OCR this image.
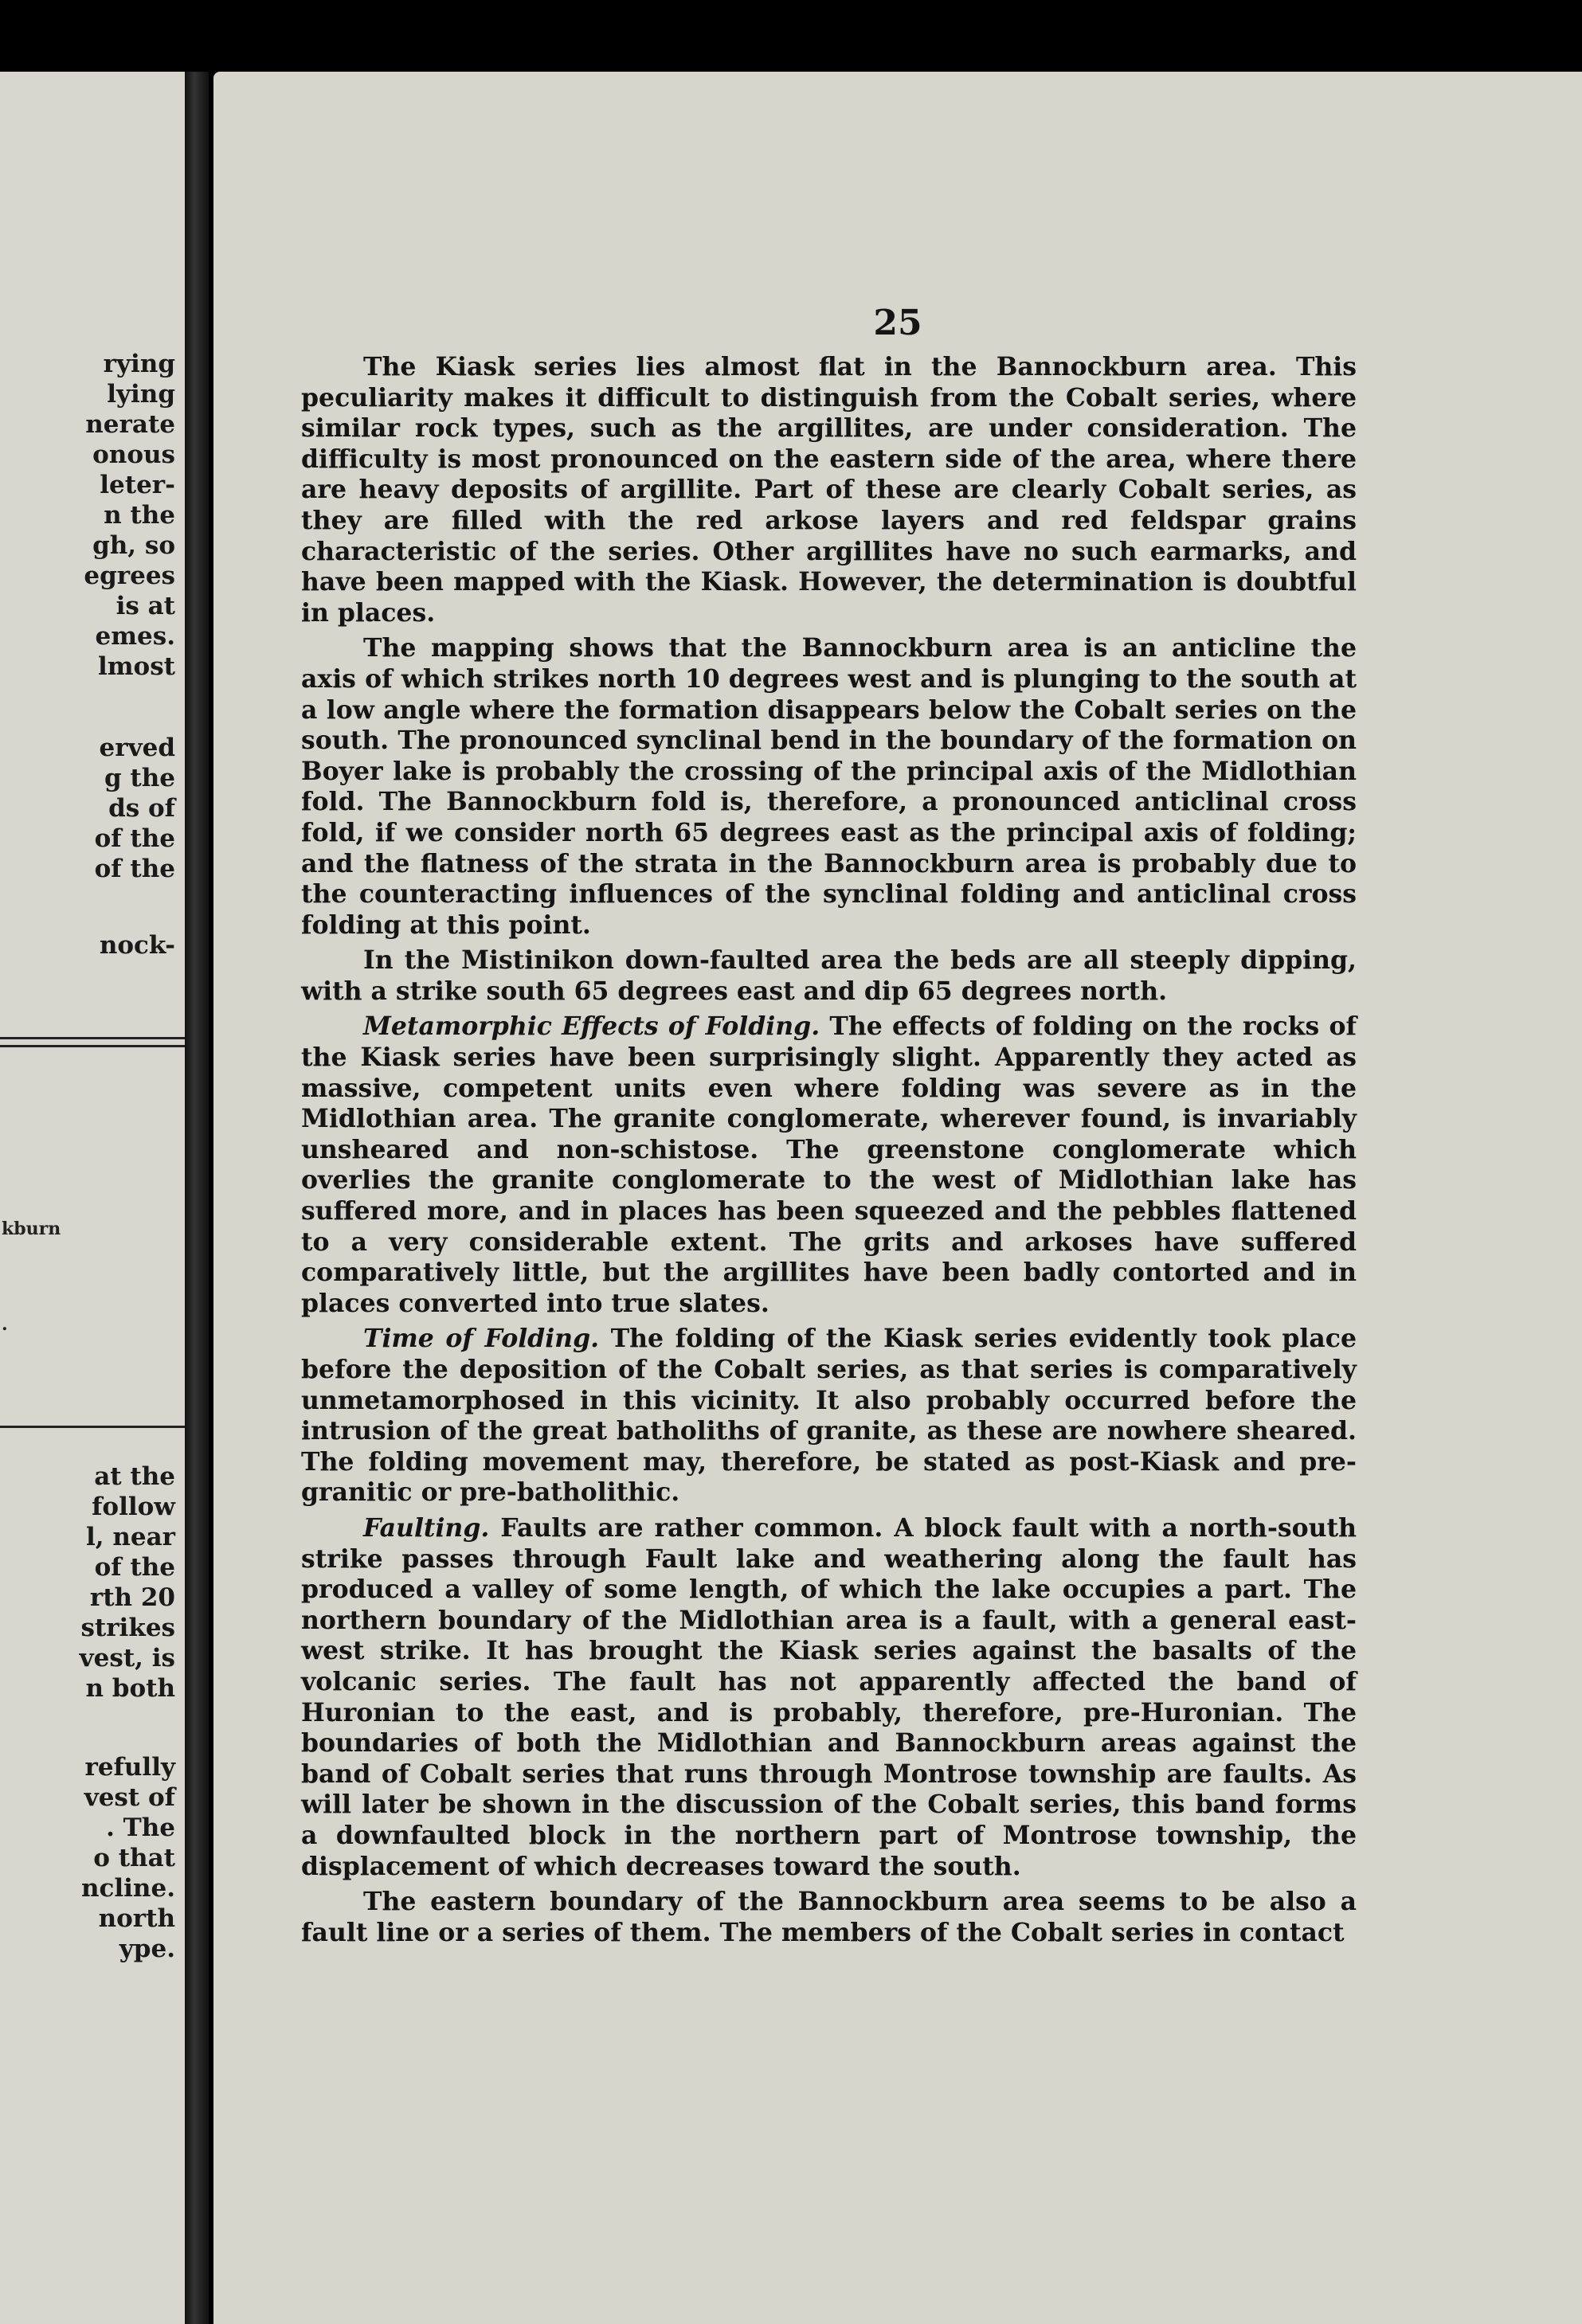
rying

lying

nerate

onous

leter-

n the

gh, so

egrees

is at

emes.

lmost

erved

g the

ds of

of the

of the

nock-

kburn

.

at the

follow

l, near

of the

rth 20

strikes

vest, is

n both

refully

vest of

. The

o that

ncline.

north

ype.

25

The Kiask series lies almost flat in the Bannockburn area. This peculiarity makes it difficult to distinguish from the Cobalt series, where similar rock types, such as the argillites, are under consideration. The difficulty is most pronounced on the eastern side of the area, where there are heavy deposits of argillite. Part of these are clearly Cobalt series, as they are filled with the red arkose layers and red feldspar grains characteristic of the series. Other argillites have no such earmarks, and have been mapped with the Kiask. However, the determination is doubtful in places.

The mapping shows that the Bannockburn area is an anticline the axis of which strikes north 10 degrees west and is plunging to the south at a low angle where the formation disappears below the Cobalt series on the south. The pronounced synclinal bend in the boundary of the formation on Boyer lake is probably the crossing of the principal axis of the Midlothian fold. The Bannockburn fold is, therefore, a pronounced anticlinal cross fold, if we consider north 65 degrees east as the principal axis of folding; and the flatness of the strata in the Bannockburn area is probably due to the counteracting influences of the synclinal folding and anticlinal cross folding at this point.

In the Mistinikon down-faulted area the beds are all steeply dipping, with a strike south 65 degrees east and dip 65 degrees north.

Metamorphic Effects of Folding. The effects of folding on the rocks of the Kiask series have been surprisingly slight. Apparently they acted as massive, competent units even where folding was severe as in the Midlothian area. The granite conglomerate, wherever found, is invariably unsheared and non-schistose. The greenstone conglomerate which overlies the granite conglomerate to the west of Midlothian lake has suffered more, and in places has been squeezed and the pebbles flattened to a very considerable extent. The grits and arkoses have suffered comparatively little, but the argillites have been badly contorted and in places converted into true slates.

Time of Folding. The folding of the Kiask series evidently took place before the deposition of the Cobalt series, as that series is comparatively unmetamorphosed in this vicinity. It also probably occurred before the intrusion of the great batholiths of granite, as these are nowhere sheared. The folding movement may, therefore, be stated as post-Kiask and pre-granitic or pre-batholithic.

Faulting. Faults are rather common. A block fault with a north-south strike passes through Fault lake and weathering along the fault has produced a valley of some length, of which the lake occupies a part. The northern boundary of the Midlothian area is a fault, with a general east-west strike. It has brought the Kiask series against the basalts of the volcanic series. The fault has not apparently affected the band of Huronian to the east, and is probably, therefore, pre-Huronian. The boundaries of both the Midlothian and Bannockburn areas against the band of Cobalt series that runs through Montrose township are faults. As will later be shown in the discussion of the Cobalt series, this band forms a downfaulted block in the northern part of Montrose township, the displacement of which decreases toward the south.

The eastern boundary of the Bannockburn area seems to be also a fault line or a series of them. The members of the Cobalt series in contact
